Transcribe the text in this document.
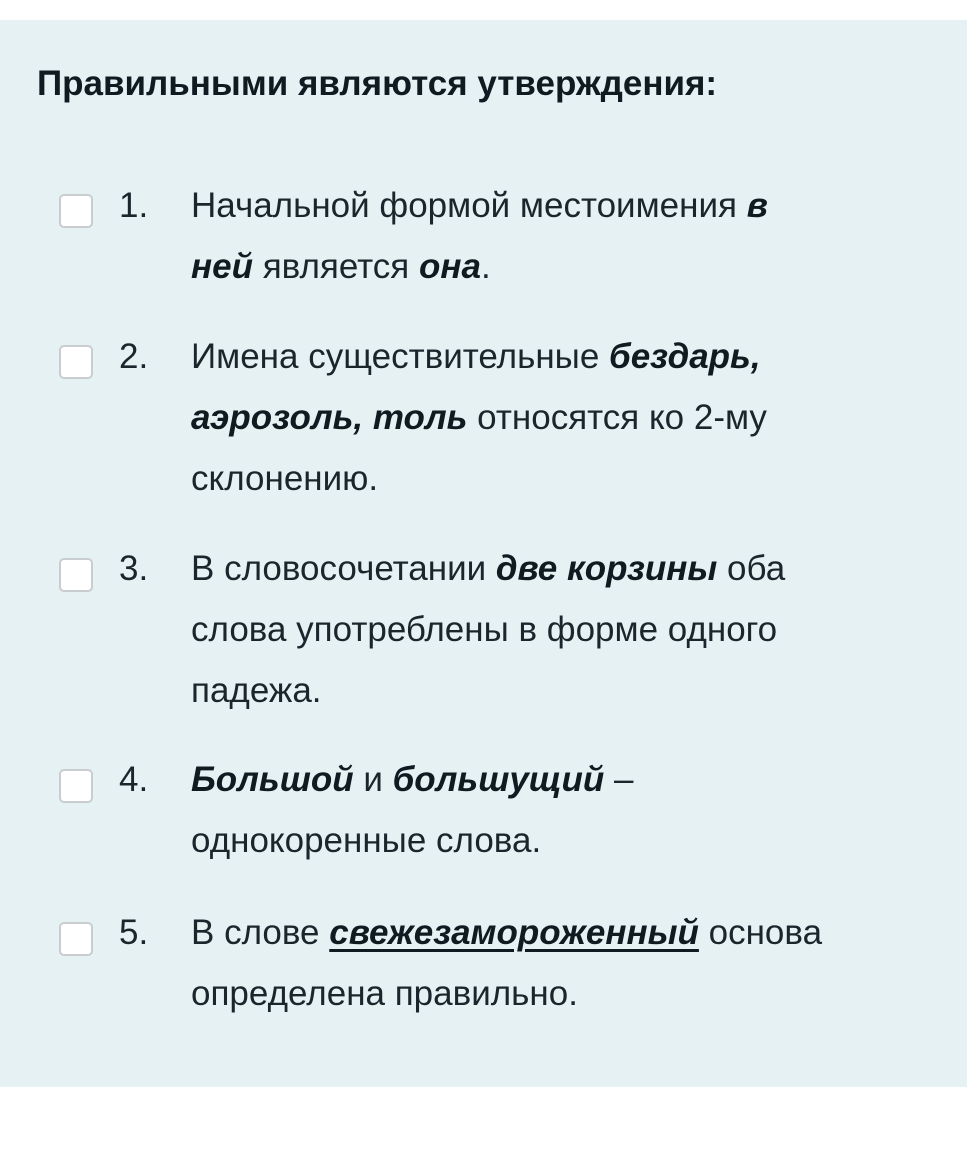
Правильными являются утверждения:
1. Начальной формой местоимения в
ней является она.
2. Имена существительные бездарь,
аэрозоль, толь относятся ко 2-му
склонению.
3. В словосочетании две корзины оба
слова употреблены в форме одного
падежа.
4. Большой и большущий –
однокоренные слова.
5. В слове свежезамороженный основа
определена правильно.
